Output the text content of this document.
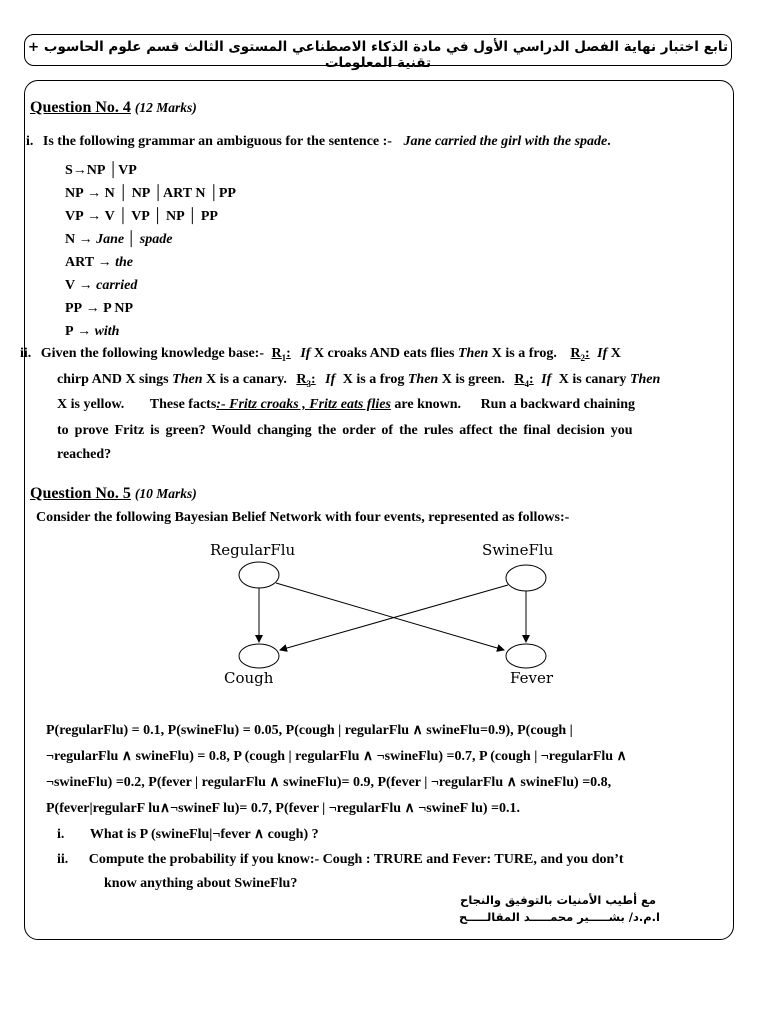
تابع اختبار نهاية الفصل الدراسي الأول في مادة الذكاء الاصطناعي المستوى الثالث قسم علوم الحاسوب + تقنية المعلومات
Question No. 4 (12 Marks)
i. Is the following grammar an ambiguous for the sentence :- Jane carried the girl with the spade.
S→NP │VP
NP → N │ NP │ART N │PP
VP → V │ VP │ NP │ PP
N → Jane │ spade
ART → the
V → carried
PP → P NP
P → with
ii. Given the following knowledge base:- $R_1$: If X croaks AND eats flies Then X is a frog. $R_2$: If X
chirp AND X sings Then X is a canary. $R_3$: If X is a frog Then X is green. $R_4$: If X is canary Then
X is yellow. These facts:- Fritz croaks , Fritz eats flies are known. Run a backward chaining
to prove Fritz is green? Would changing the order of the rules affect the final decision you
reached?
Question No. 5 (10 Marks)
Consider the following Bayesian Belief Network with four events, represented as follows:-
RegularFlu	SwineFlu
Cough	Fever
P(regularFlu) = 0.1, P(swineFlu) = 0.05, P(cough | regularFlu ∧ swineFlu=0.9), P(cough |
¬regularFlu ∧ swineFlu) = 0.8, P (cough | regularFlu ∧ ¬swineFlu) =0.7, P (cough | ¬regularFlu ∧
¬swineFlu) =0.2, P(fever | regularFlu ∧ swineFlu)= 0.9, P(fever | ¬regularFlu ∧ swineFlu) =0.8,
P(fever|regularF lu∧¬swineF lu)= 0.7, P(fever | ¬regularFlu ∧ ¬swineF lu) =0.1.
i. What is P (swineFlu|¬fever ∧ cough) ?
ii. Compute the probability if you know:- Cough : TRURE and Fever: TURE, and you don’t
know anything about SwineFlu?
مع أطيب الأمنيات بالتوفيق والنجاح
ا.م.د/ بشـــــير محمـــــد المقالـــــح
